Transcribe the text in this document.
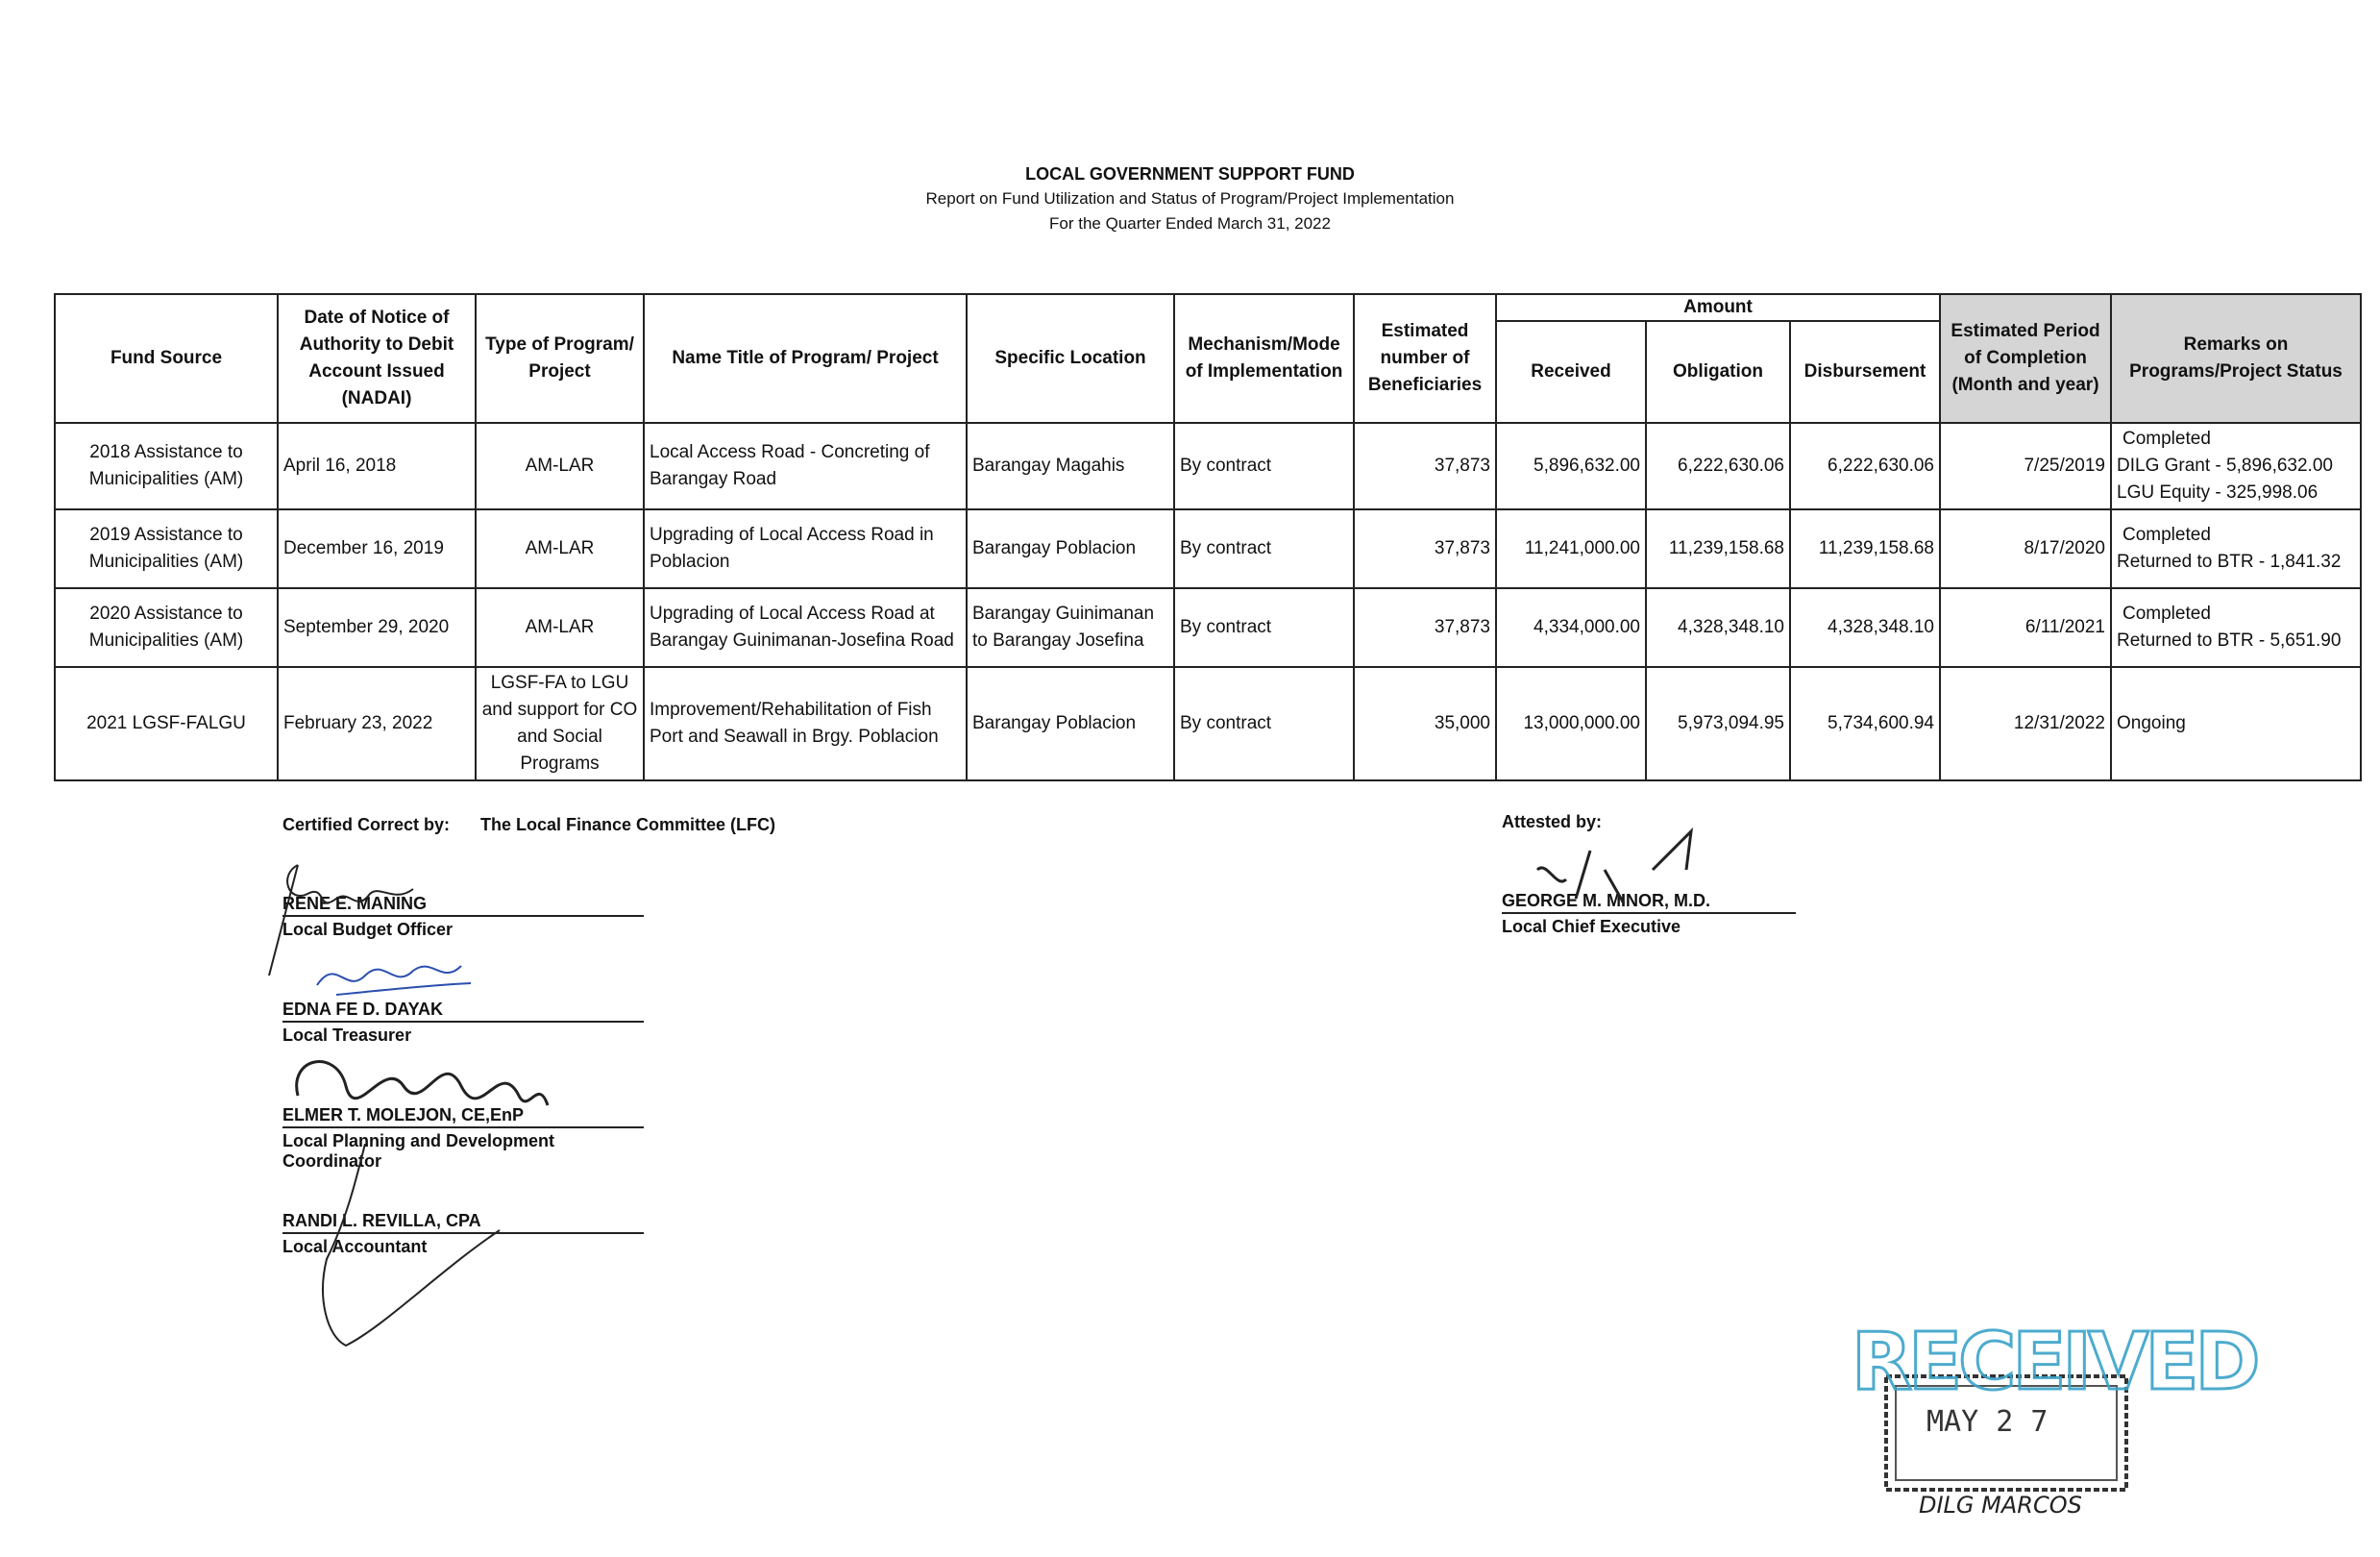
LOCAL GOVERNMENT SUPPORT FUND
Report on Fund Utilization and Status of Program/Project Implementation
For the Quarter Ended March 31, 2022
Fund Source	Date of Notice of Authority to Debit Account Issued (NADAI)	Type of Program/ Project	Name Title of Program/ Project	Specific Location	Mechanism/Mode of Implementation	Estimated number of Beneficiaries	Amount			Estimated Period of Completion (Month and year)	Remarks on Programs/Project Status
							Received	Obligation	Disbursement		
2018 Assistance to Municipalities (AM)	April 16, 2018	AM-LAR	Local Access Road - Concreting of Barangay Road	Barangay Magahis	By contract	37,873	5,896,632.00	6,222,630.06	6,222,630.06	7/25/2019	Completed
DILG Grant - 5,896,632.00
LGU Equity - 325,998.06

2019 Assistance to Municipalities (AM)	December 16, 2019	AM-LAR	Upgrading of Local Access Road in Poblacion	Barangay Poblacion	By contract	37,873	11,241,000.00	11,239,158.68	11,239,158.68	8/17/2020	Completed
Returned to BTR - 1,841.32

2020 Assistance to Municipalities (AM)	September 29, 2020	AM-LAR	Upgrading of Local Access Road at Barangay Guinimanan-Josefina Road	Barangay Guinimanan to Barangay Josefina	By contract	37,873	4,334,000.00	4,328,348.10	4,328,348.10	6/11/2021	Completed
Returned to BTR - 5,651.90

2021 LGSF-FALGU	February 23, 2022	LGSF-FA to LGU and support for CO and Social Programs	Improvement/Rehabilitation of Fish Port and Seawall in Brgy. Poblacion	Barangay Poblacion	By contract	35,000	13,000,000.00	5,973,094.95	5,734,600.94	12/31/2022	Ongoing
Certified Correct by: The Local Finance Committee (LFC)	Attested by:
RENE E. MANING
Local Budget Officer
EDNA FE D. DAYAK
Local Treasurer
ELMER T. MOLEJON, CE,EnP
Local Planning and Development Coordinator
RANDI L. REVILLA, CPA
Local Accountant
GEORGE M. MINOR, M.D.
Local Chief Executive
RECEIVED
MAY 2 7
DILG MARCOS
